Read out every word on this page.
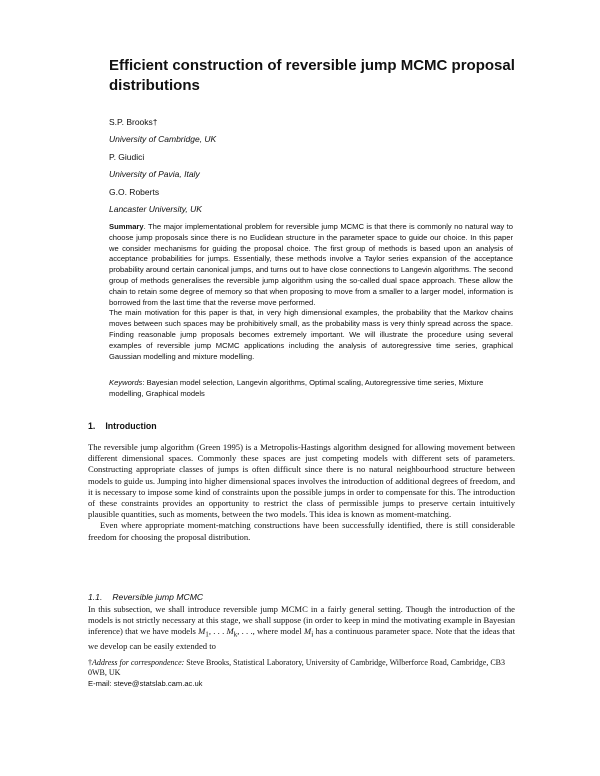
Efficient construction of reversible jump MCMC proposal distributions
S.P. Brooks†
University of Cambridge, UK
P. Giudici
University of Pavia, Italy
G.O. Roberts
Lancaster University, UK

Summary. The major implementational problem for reversible jump MCMC is that there is commonly no natural way to choose jump proposals since there is no Euclidean structure in the parameter space to guide our choice. In this paper we consider mechanisms for guiding the proposal choice. The first group of methods is based upon an analysis of acceptance probabilities for jumps. Essentially, these methods involve a Taylor series expansion of the acceptance probability around certain canonical jumps, and turns out to have close connections to Langevin algorithms. The second group of methods generalises the reversible jump algorithm using the so-called dual space approach. These allow the chain to retain some degree of memory so that when proposing to move from a smaller to a larger model, information is borrowed from the last time that the reverse move performed.

The main motivation for this paper is that, in very high dimensional examples, the probability that the Markov chains moves between such spaces may be prohibitively small, as the probability mass is very thinly spread across the space. Finding reasonable jump proposals becomes extremely important. We will illustrate the procedure using several examples of reversible jump MCMC applications including the analysis of autoregressive time series, graphical Gaussian modelling and mixture modelling.

Keywords: Bayesian model selection, Langevin algorithms, Optimal scaling, Autoregressive time series, Mixture modelling, Graphical models
1. Introduction

The reversible jump algorithm (Green 1995) is a Metropolis-Hastings algorithm designed for allowing movement between different dimensional spaces. Commonly these spaces are just competing models with different sets of parameters. Constructing appropriate classes of jumps is often difficult since there is no natural neighbourhood structure between models to guide us. Jumping into higher dimensional spaces involves the introduction of additional degrees of freedom, and it is necessary to impose some kind of constraints upon the possible jumps in order to compensate for this. The introduction of these constraints provides an opportunity to restrict the class of permissible jumps to preserve certain intuitively plausible quantities, such as moments, between the two models. This idea is known as moment-matching.

Even where appropriate moment-matching constructions have been successfully identified, there is still considerable freedom for choosing the proposal distribution.

1.1. Reversible jump MCMC

In this subsection, we shall introduce reversible jump MCMC in a fairly general setting. Though the introduction of the models is not strictly necessary at this stage, we shall suppose (in order to keep in mind the motivating example in Bayesian inference) that we have models $M_1$, . . . $M_k$, . . ., where model $M_i$ has a continuous parameter space. Note that the ideas that we develop can be easily extended to

†Address for correspondence: Steve Brooks, Statistical Laboratory, University of Cambridge, Wilberforce Road, Cambridge, CB3 0WB, UK
E-mail: steve@statslab.cam.ac.uk
